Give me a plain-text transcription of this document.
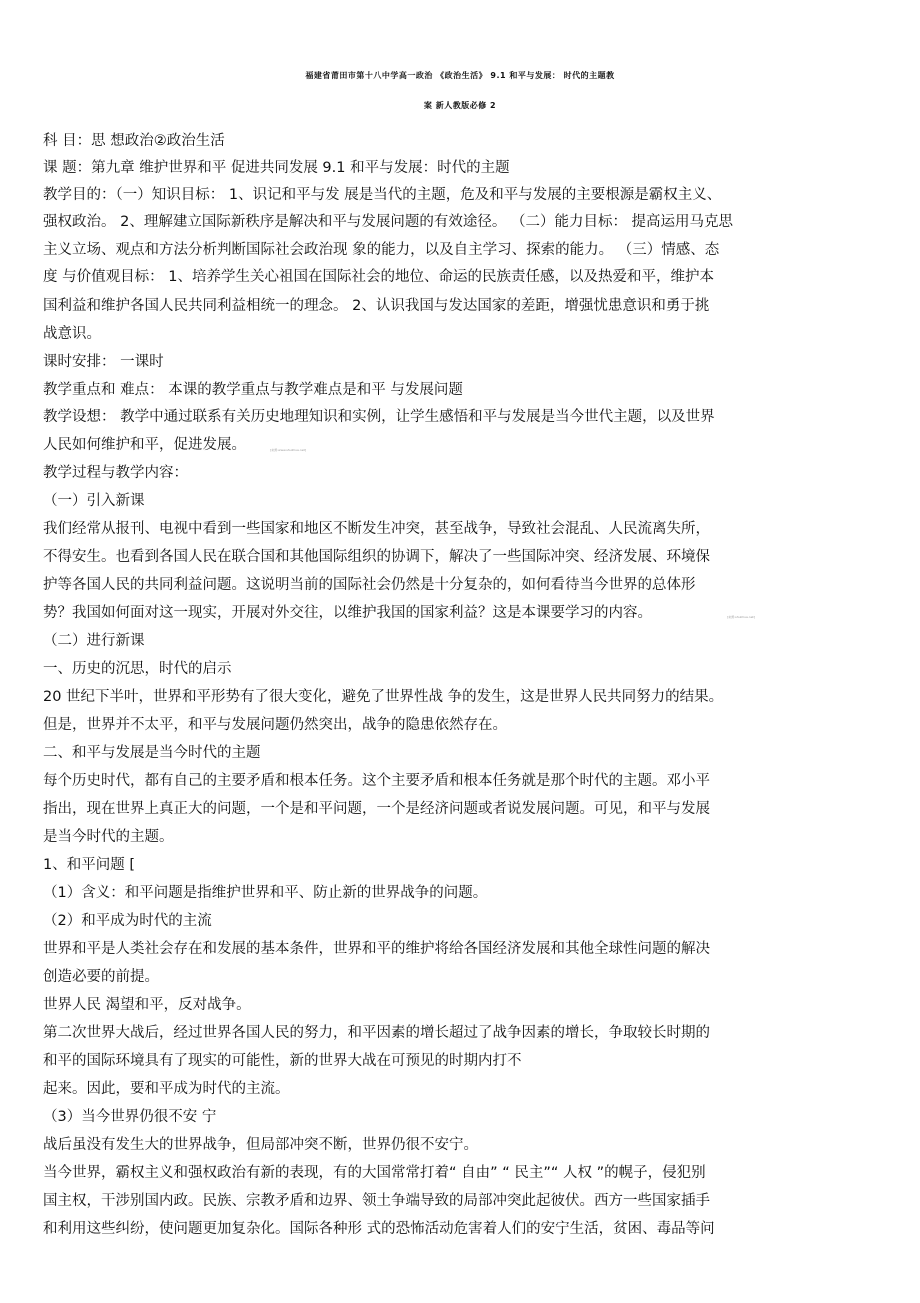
福建省莆田市第十八中学高一政治 《政治生活》 9.1 和平与发展： 时代的主题教
案 新人教版必修 2
科 目：思 想政治②政治生活
课 题：第九章 维护世界和平 促进共同发展 9.1 和平与发展：时代的主题
教学目的：（一）知识目标： 1、识记和平与发 展是当代的主题，危及和平与发展的主要根源是霸权主义、
强权政治。 2、理解建立国际新秩序是解决和平与发展问题的有效途径。 （二）能力目标： 提高运用马克思
主义立场、观点和方法分析判断国际社会政治现 象的能力，以及自主学习、探索的能力。 （三）情感、态
度 与价值观目标： 1、培养学生关心祖国在国际社会的地位、命运的民族责任感，以及热爱和平，维护本
国利益和维护各国人民共同利益相统一的理念。 2、认识我国与发达国家的差距，增强忧患意识和勇于挑
战意识。
课时安排： 一课时
教学重点和 难点： 本课的教学重点与教学难点是和平 与发展问题
教学设想： 教学中通过联系有关历史地理知识和实例，让学生感悟和平与发展是当今世代主题，以及世界
人民如何维护和平，促进发展。	[来源:www.shulihua.net]
教学过程与教学内容：
（一）引入新课
我们经常从报刊、电视中看到一些国家和地区不断发生冲突，甚至战争，导致社会混乱、人民流离失所，
不得安生。也看到各国人民在联合国和其他国际组织的协调下，解决了一些国际冲突、经济发展、环境保
护等各国人民的共同利益问题。这说明当前的国际社会仍然是十分复杂的，如何看待当今世界的总体形
势？我国如何面对这一现实，开展对外交往，以维护我国的国家利益？这是本课要学习的内容。	[来源:shulihua.net]
（二）进行新课
一、历史的沉思，时代的启示
20 世纪下半叶，世界和平形势有了很大变化，避免了世界性战 争的发生，这是世界人民共同努力的结果。
但是，世界并不太平，和平与发展问题仍然突出，战争的隐患依然存在。
二、和平与发展是当今时代的主题
每个历史时代，都有自己的主要矛盾和根本任务。这个主要矛盾和根本任务就是那个时代的主题。邓小平
指出，现在世界上真正大的问题，一个是和平问题，一个是经济问题或者说发展问题。可见，和平与发展
是当今时代的主题。
1、和平问题 [
（1）含义：和平问题是指维护世界和平、防止新的世界战争的问题。
（2）和平成为时代的主流
世界和平是人类社会存在和发展的基本条件，世界和平的维护将给各国经济发展和其他全球性问题的解决
创造必要的前提。
世界人民 渴望和平，反对战争。
第二次世界大战后，经过世界各国人民的努力，和平因素的增长超过了战争因素的增长，争取较长时期的
和平的国际环境具有了现实的可能性，新的世界大战在可预见的时期内打不
起来。因此，要和平成为时代的主流。
（3）当今世界仍很不安 宁
战后虽没有发生大的世界战争，但局部冲突不断，世界仍很不安宁。
当今世界，霸权主义和强权政治有新的表现，有的大国常常打着“ 自由” “ 民主”“ 人权 ”的幌子，侵犯别
国主权，干涉别国内政。民族、宗教矛盾和边界、领土争端导致的局部冲突此起彼伏。西方一些国家插手
和利用这些纠纷，使问题更加复杂化。国际各种形 式的恐怖活动危害着人们的安宁生活，贫困、毒品等问
